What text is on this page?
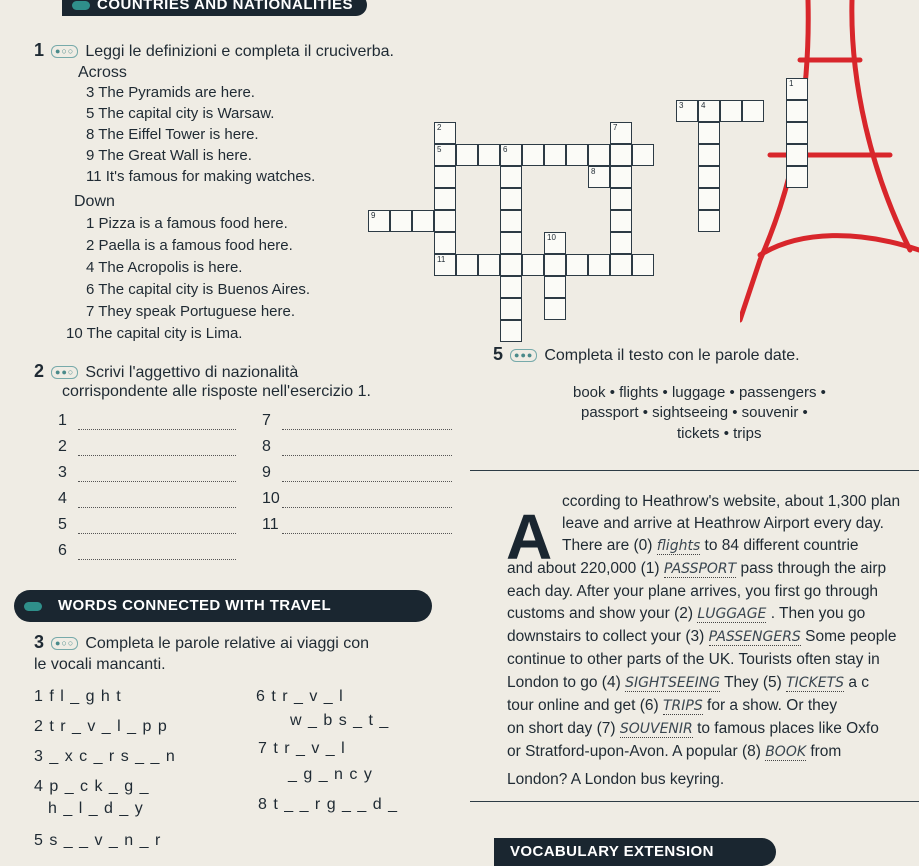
COUNTRIES AND NATIONALITIES
1 ●○○ Leggi le definizioni e completa il cruciverba.
Across
3 The Pyramids are here.
5 The capital city is Warsaw.
8 The Eiffel Tower is here.
9 The Great Wall is here.
11 It's famous for making watches.
Down
1 Pizza is a famous food here.
2 Paella is a famous food here.
4 The Acropolis is here.
6 The capital city is Buenos Aires.
7 They speak Portuguese here.
10 The capital city is Lima.
1
3 4
2
5	6
7
8
9
10
11
2 ●●○ Scrivi l'aggettivo di nazionalità
corrispondente alle risposte nell'esercizio 1.
1
2
3
4
5
6
7
8
9
10
11
WORDS CONNECTED WITH TRAVEL
3 ●○○ Completa le parole relative ai viaggi con
le vocali mancanti.
1 f l _ g h t
2 t r _ v _ l _ p p
3 _ x c _ r s _ _ n
4 p _ c k _ g _
h _ l _ d _ y
5 s _ _ v _ n _ r
6 t r _ v _ l
w _ b s _ t _
7 t r _ v _ l
_ g _ n c y
8 t _ _ r g _ _ d _
5 ●●● Completa il testo con le parole date.
book • flights • luggage • passengers •
passport • sightseeing • souvenir •
tickets • trips
A ccording to Heathrow's website, about 1,300 plan
leave and arrive at Heathrow Airport every day.
There are (0) flights to 84 different countrie
and about 220,000 (1) PASSPORT pass through the airp
each day. After your plane arrives, you first go through
customs and show your (2) LUGGAGE . Then you go
downstairs to collect your (3) PASSENGERS Some people
continue to other parts of the UK. Tourists often stay in
London to go (4) SIGHTSEEING They (5) TICKETS a c
tour online and get (6) TRIPS for a show. Or they
on short day (7) SOUVENIR to famous places like Oxfo
or Stratford-upon-Avon. A popular (8) BOOK from
London? A London bus keyring.
VOCABULARY EXTENSION
